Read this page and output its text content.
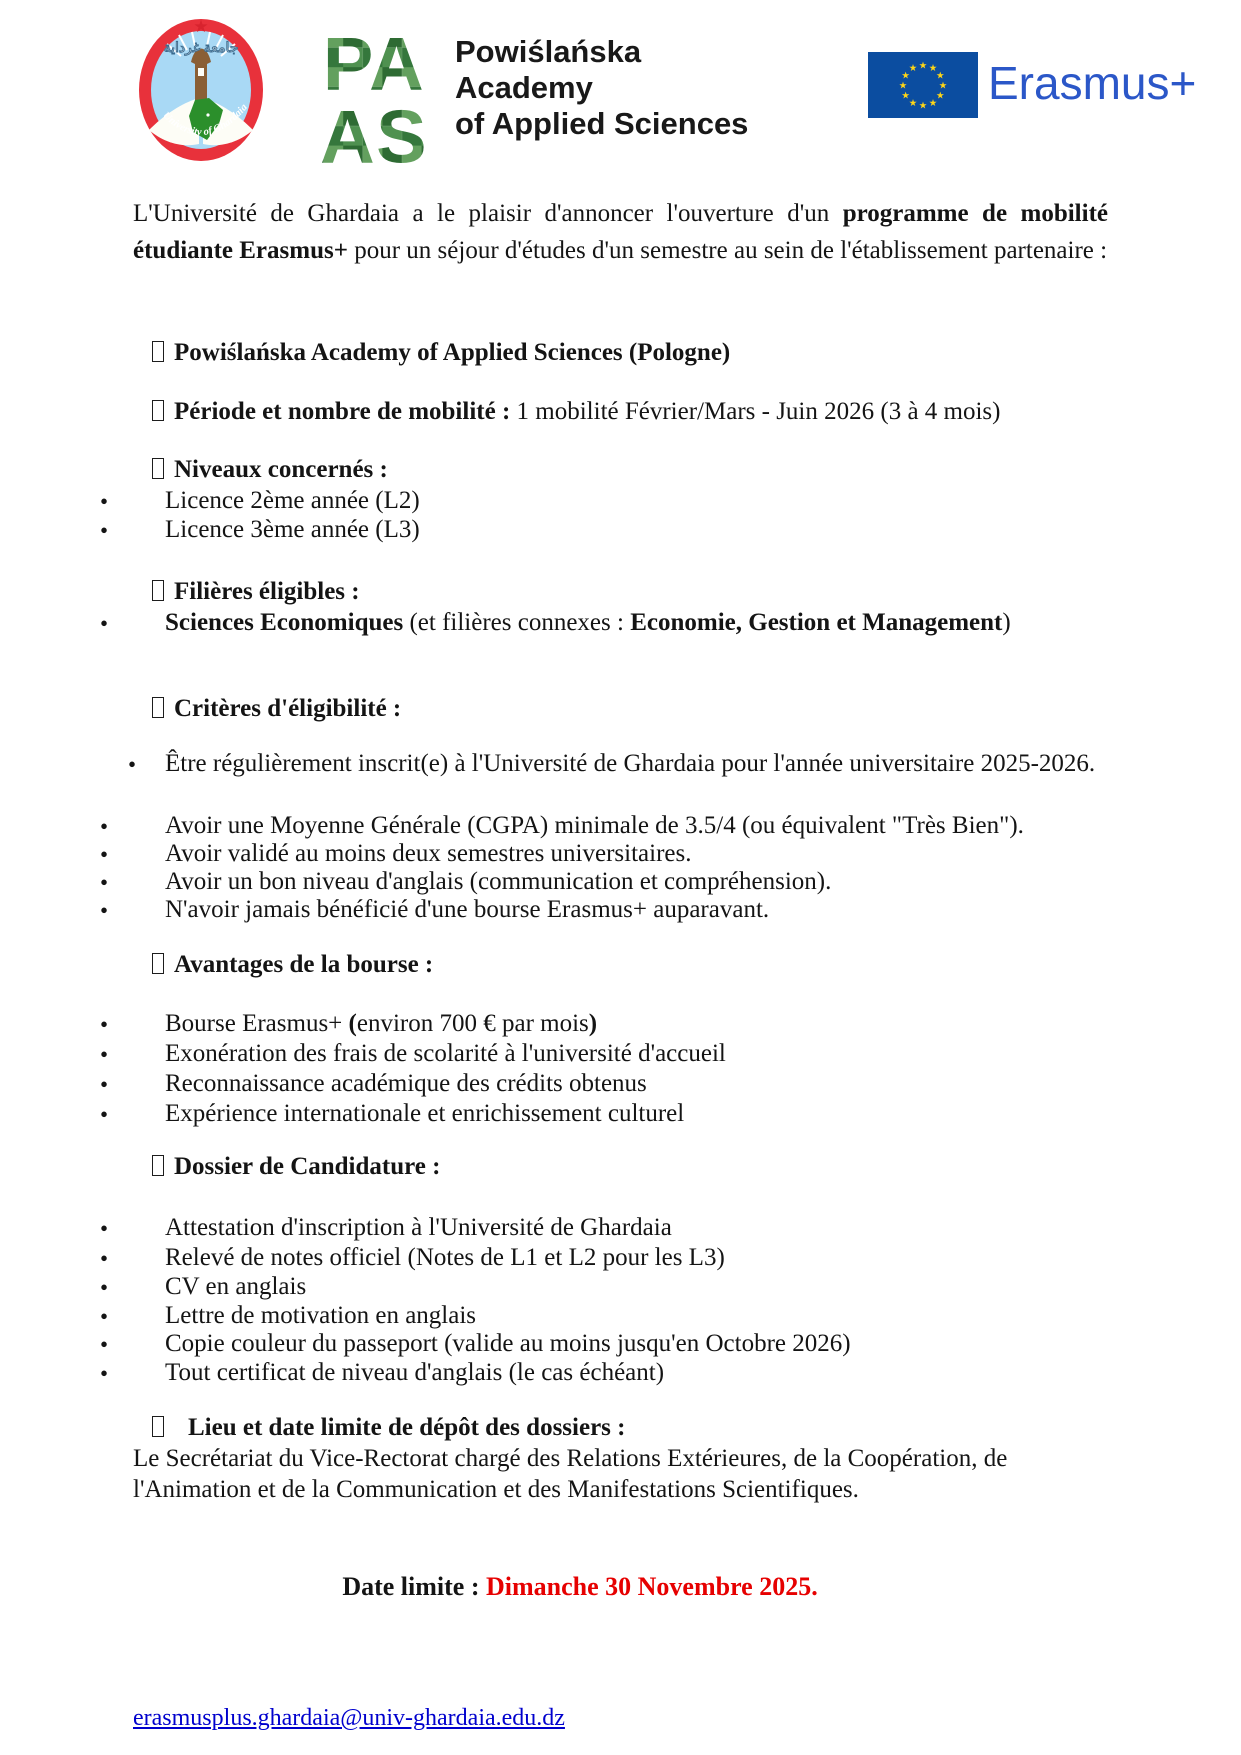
★
جامعة غرداية
University of Ghardaia
PA
AS
Powiślańska
Academy
of Applied Sciences
★ ★
★
★
★
★
★
★
★
★
★
★ Erasmus+
L'Université de Ghardaia a le plaisir d'annoncer l'ouverture d'un programme de mobilité étudiante Erasmus+ pour un séjour d'études d'un semestre au sein de l'établissement partenaire :
Powiślańska Academy of Applied Sciences (Pologne)
Période et nombre de mobilité : 1 mobilité Février/Mars - Juin 2026 (3 à 4 mois)
Niveaux concernés :
• Licence 2ème année (L2)
• Licence 3ème année (L3)
Filières éligibles :
• Sciences Economiques (et filières connexes : Economie, Gestion et Management)
Critères d'éligibilité :
• Être régulièrement inscrit(e) à l'Université de Ghardaia pour l'année universitaire 2025-2026.
• Avoir une Moyenne Générale (CGPA) minimale de 3.5/4 (ou équivalent "Très Bien").
• Avoir validé au moins deux semestres universitaires.
• Avoir un bon niveau d'anglais (communication et compréhension).
• N'avoir jamais bénéficié d'une bourse Erasmus+ auparavant.
Avantages de la bourse :
• Bourse Erasmus+ (environ 700 € par mois)
• Exonération des frais de scolarité à l'université d'accueil
• Reconnaissance académique des crédits obtenus
• Expérience internationale et enrichissement culturel
Dossier de Candidature :
• Attestation d'inscription à l'Université de Ghardaia
• Relevé de notes officiel (Notes de L1 et L2 pour les L3)
• CV en anglais
• Lettre de motivation en anglais
• Copie couleur du passeport (valide au moins jusqu'en Octobre 2026)
• Tout certificat de niveau d'anglais (le cas échéant)
Lieu et date limite de dépôt des dossiers :
Le Secrétariat du Vice-Rectorat chargé des Relations Extérieures, de la Coopération, de l'Animation et de la Communication et des Manifestations Scientifiques.
Date limite : Dimanche 30 Novembre 2025.
erasmusplus.ghardaia@univ-ghardaia.edu.dz
